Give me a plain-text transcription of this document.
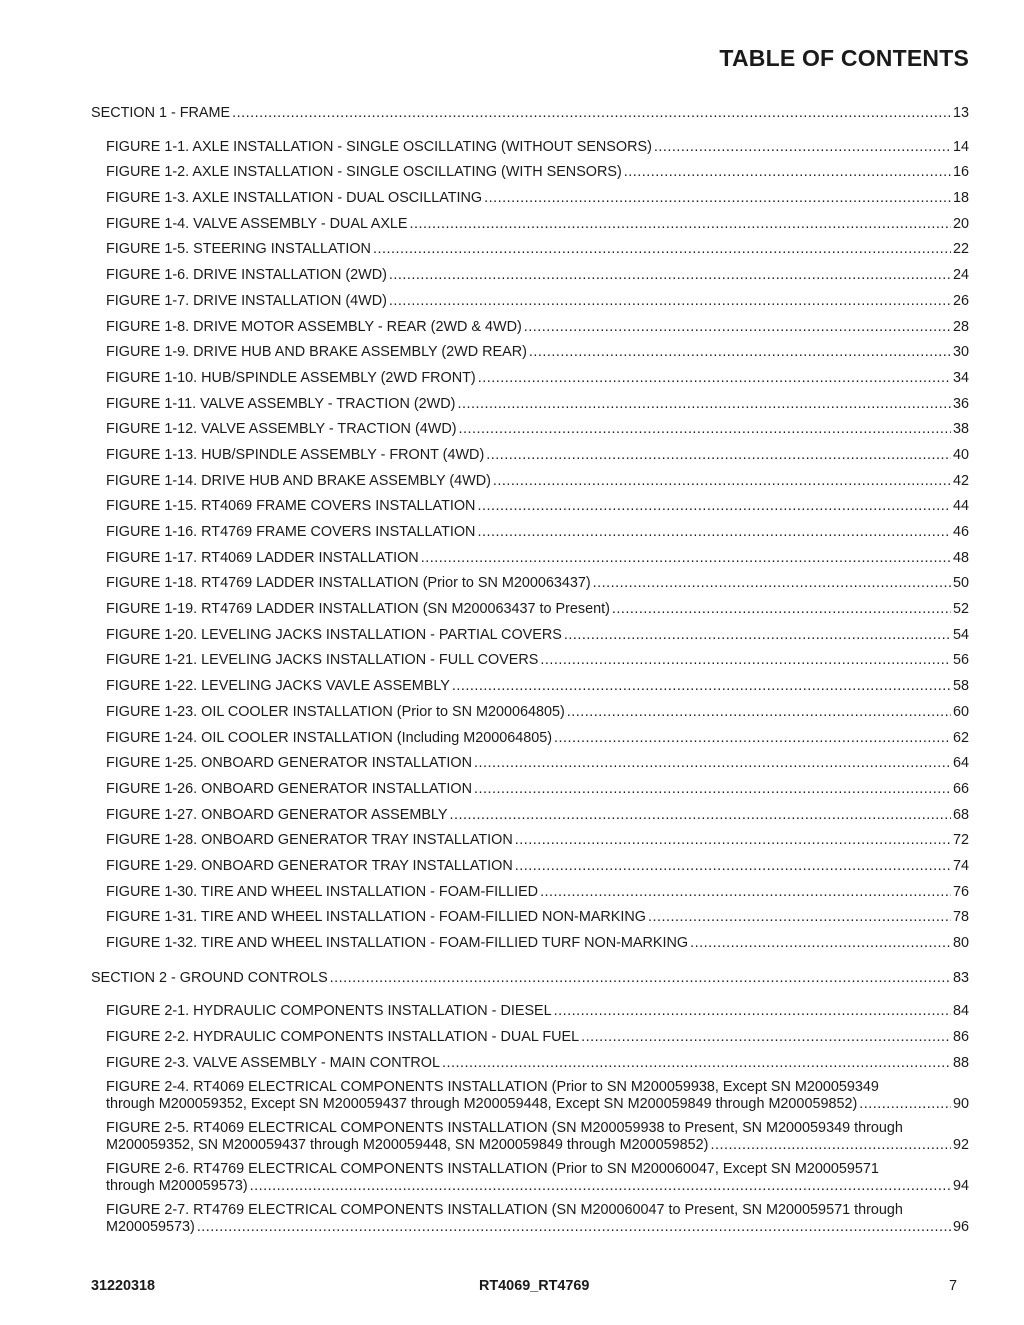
TABLE OF CONTENTS
SECTION 1 - FRAME .....	13
FIGURE 1-1. AXLE INSTALLATION - SINGLE OSCILLATING (WITHOUT SENSORS) .....	14
FIGURE 1-2. AXLE INSTALLATION - SINGLE OSCILLATING (WITH SENSORS) .....	16
FIGURE 1-3. AXLE INSTALLATION - DUAL OSCILLATING .....	18
FIGURE 1-4. VALVE ASSEMBLY - DUAL AXLE .....	20
FIGURE 1-5. STEERING INSTALLATION .....	22
FIGURE 1-6. DRIVE INSTALLATION (2WD) .....	24
FIGURE 1-7. DRIVE INSTALLATION (4WD) .....	26
FIGURE 1-8. DRIVE MOTOR ASSEMBLY - REAR (2WD & 4WD) .....	28
FIGURE 1-9. DRIVE HUB AND BRAKE ASSEMBLY (2WD REAR) .....	30
FIGURE 1-10. HUB/SPINDLE ASSEMBLY (2WD FRONT) .....	34
FIGURE 1-11. VALVE ASSEMBLY - TRACTION (2WD) .....	36
FIGURE 1-12. VALVE ASSEMBLY - TRACTION (4WD) .....	38
FIGURE 1-13. HUB/SPINDLE ASSEMBLY - FRONT (4WD) .....	40
FIGURE 1-14. DRIVE HUB AND BRAKE ASSEMBLY (4WD) .....	42
FIGURE 1-15. RT4069 FRAME COVERS INSTALLATION .....	44
FIGURE 1-16. RT4769 FRAME COVERS INSTALLATION .....	46
FIGURE 1-17. RT4069 LADDER INSTALLATION .....	48
FIGURE 1-18. RT4769 LADDER INSTALLATION (Prior to SN M200063437) .....	50
FIGURE 1-19. RT4769 LADDER INSTALLATION (SN M200063437 to Present) .....	52
FIGURE 1-20. LEVELING JACKS INSTALLATION - PARTIAL COVERS .....	54
FIGURE 1-21. LEVELING JACKS INSTALLATION - FULL COVERS .....	56
FIGURE 1-22. LEVELING JACKS VAVLE ASSEMBLY .....	58
FIGURE 1-23. OIL COOLER INSTALLATION (Prior to SN M200064805) .....	60
FIGURE 1-24. OIL COOLER INSTALLATION (Including M200064805) .....	62
FIGURE 1-25. ONBOARD GENERATOR INSTALLATION .....	64
FIGURE 1-26. ONBOARD GENERATOR INSTALLATION .....	66
FIGURE 1-27. ONBOARD GENERATOR ASSEMBLY .....	68
FIGURE 1-28. ONBOARD GENERATOR TRAY INSTALLATION .....	72
FIGURE 1-29. ONBOARD GENERATOR TRAY INSTALLATION .....	74
FIGURE 1-30. TIRE AND WHEEL INSTALLATION - FOAM-FILLIED .....	76
FIGURE 1-31. TIRE AND WHEEL INSTALLATION - FOAM-FILLIED NON-MARKING .....	78
FIGURE 1-32. TIRE AND WHEEL INSTALLATION - FOAM-FILLIED TURF NON-MARKING .....	80
SECTION 2 - GROUND CONTROLS .....	83
FIGURE 2-1. HYDRAULIC COMPONENTS INSTALLATION - DIESEL .....	84
FIGURE 2-2. HYDRAULIC COMPONENTS INSTALLATION - DUAL FUEL .....	86
FIGURE 2-3. VALVE ASSEMBLY - MAIN CONTROL .....	88
FIGURE 2-4. RT4069 ELECTRICAL COMPONENTS INSTALLATION (Prior to SN M200059938, Except SN M200059349
through M200059352, Except SN M200059437 through M200059448, Except SN M200059849 through M200059852) .....	90
FIGURE 2-5. RT4069 ELECTRICAL COMPONENTS INSTALLATION (SN M200059938 to Present, SN M200059349 through
M200059352, SN M200059437 through M200059448, SN M200059849 through M200059852) .....	92
FIGURE 2-6. RT4769 ELECTRICAL COMPONENTS INSTALLATION (Prior to SN M200060047, Except SN M200059571
through M200059573) .....	94
FIGURE 2-7. RT4769 ELECTRICAL COMPONENTS INSTALLATION (SN M200060047 to Present, SN M200059571 through
M200059573) .....	96
31220318	RT4069_RT4769	7
